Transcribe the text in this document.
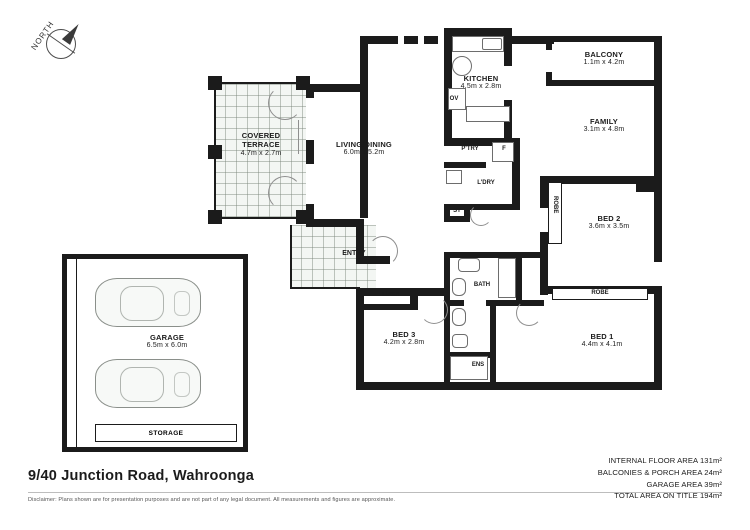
NORTH
COVERED TERRACE
4.7m x 2.7m
LIVING/DINING
6.0m x 5.2m
KITCHEN
4.5m x 2.8m
BALCONY
1.1m x 4.2m
FAMILY
3.1m x 4.8m
BED 2
3.6m x 3.5m
BED 1
4.4m x 4.1m
BED 3
4.2m x 2.8m
OV
P'TRY	F
L'DRY
ST	ROBE
ROBE
BATH
ENS
LINEN
ENTRY
GARAGE
6.5m x 6.0m
STORAGE
9/40 Junction Road, Wahroonga
Disclaimer: Plans shown are for presentation purposes and are not part of any legal document. All measurements and figures are approximate.
INTERNAL FLOOR AREA 131m²
BALCONIES & PORCH AREA 24m²
GARAGE AREA 39m²
TOTAL AREA ON TITLE 194m²
